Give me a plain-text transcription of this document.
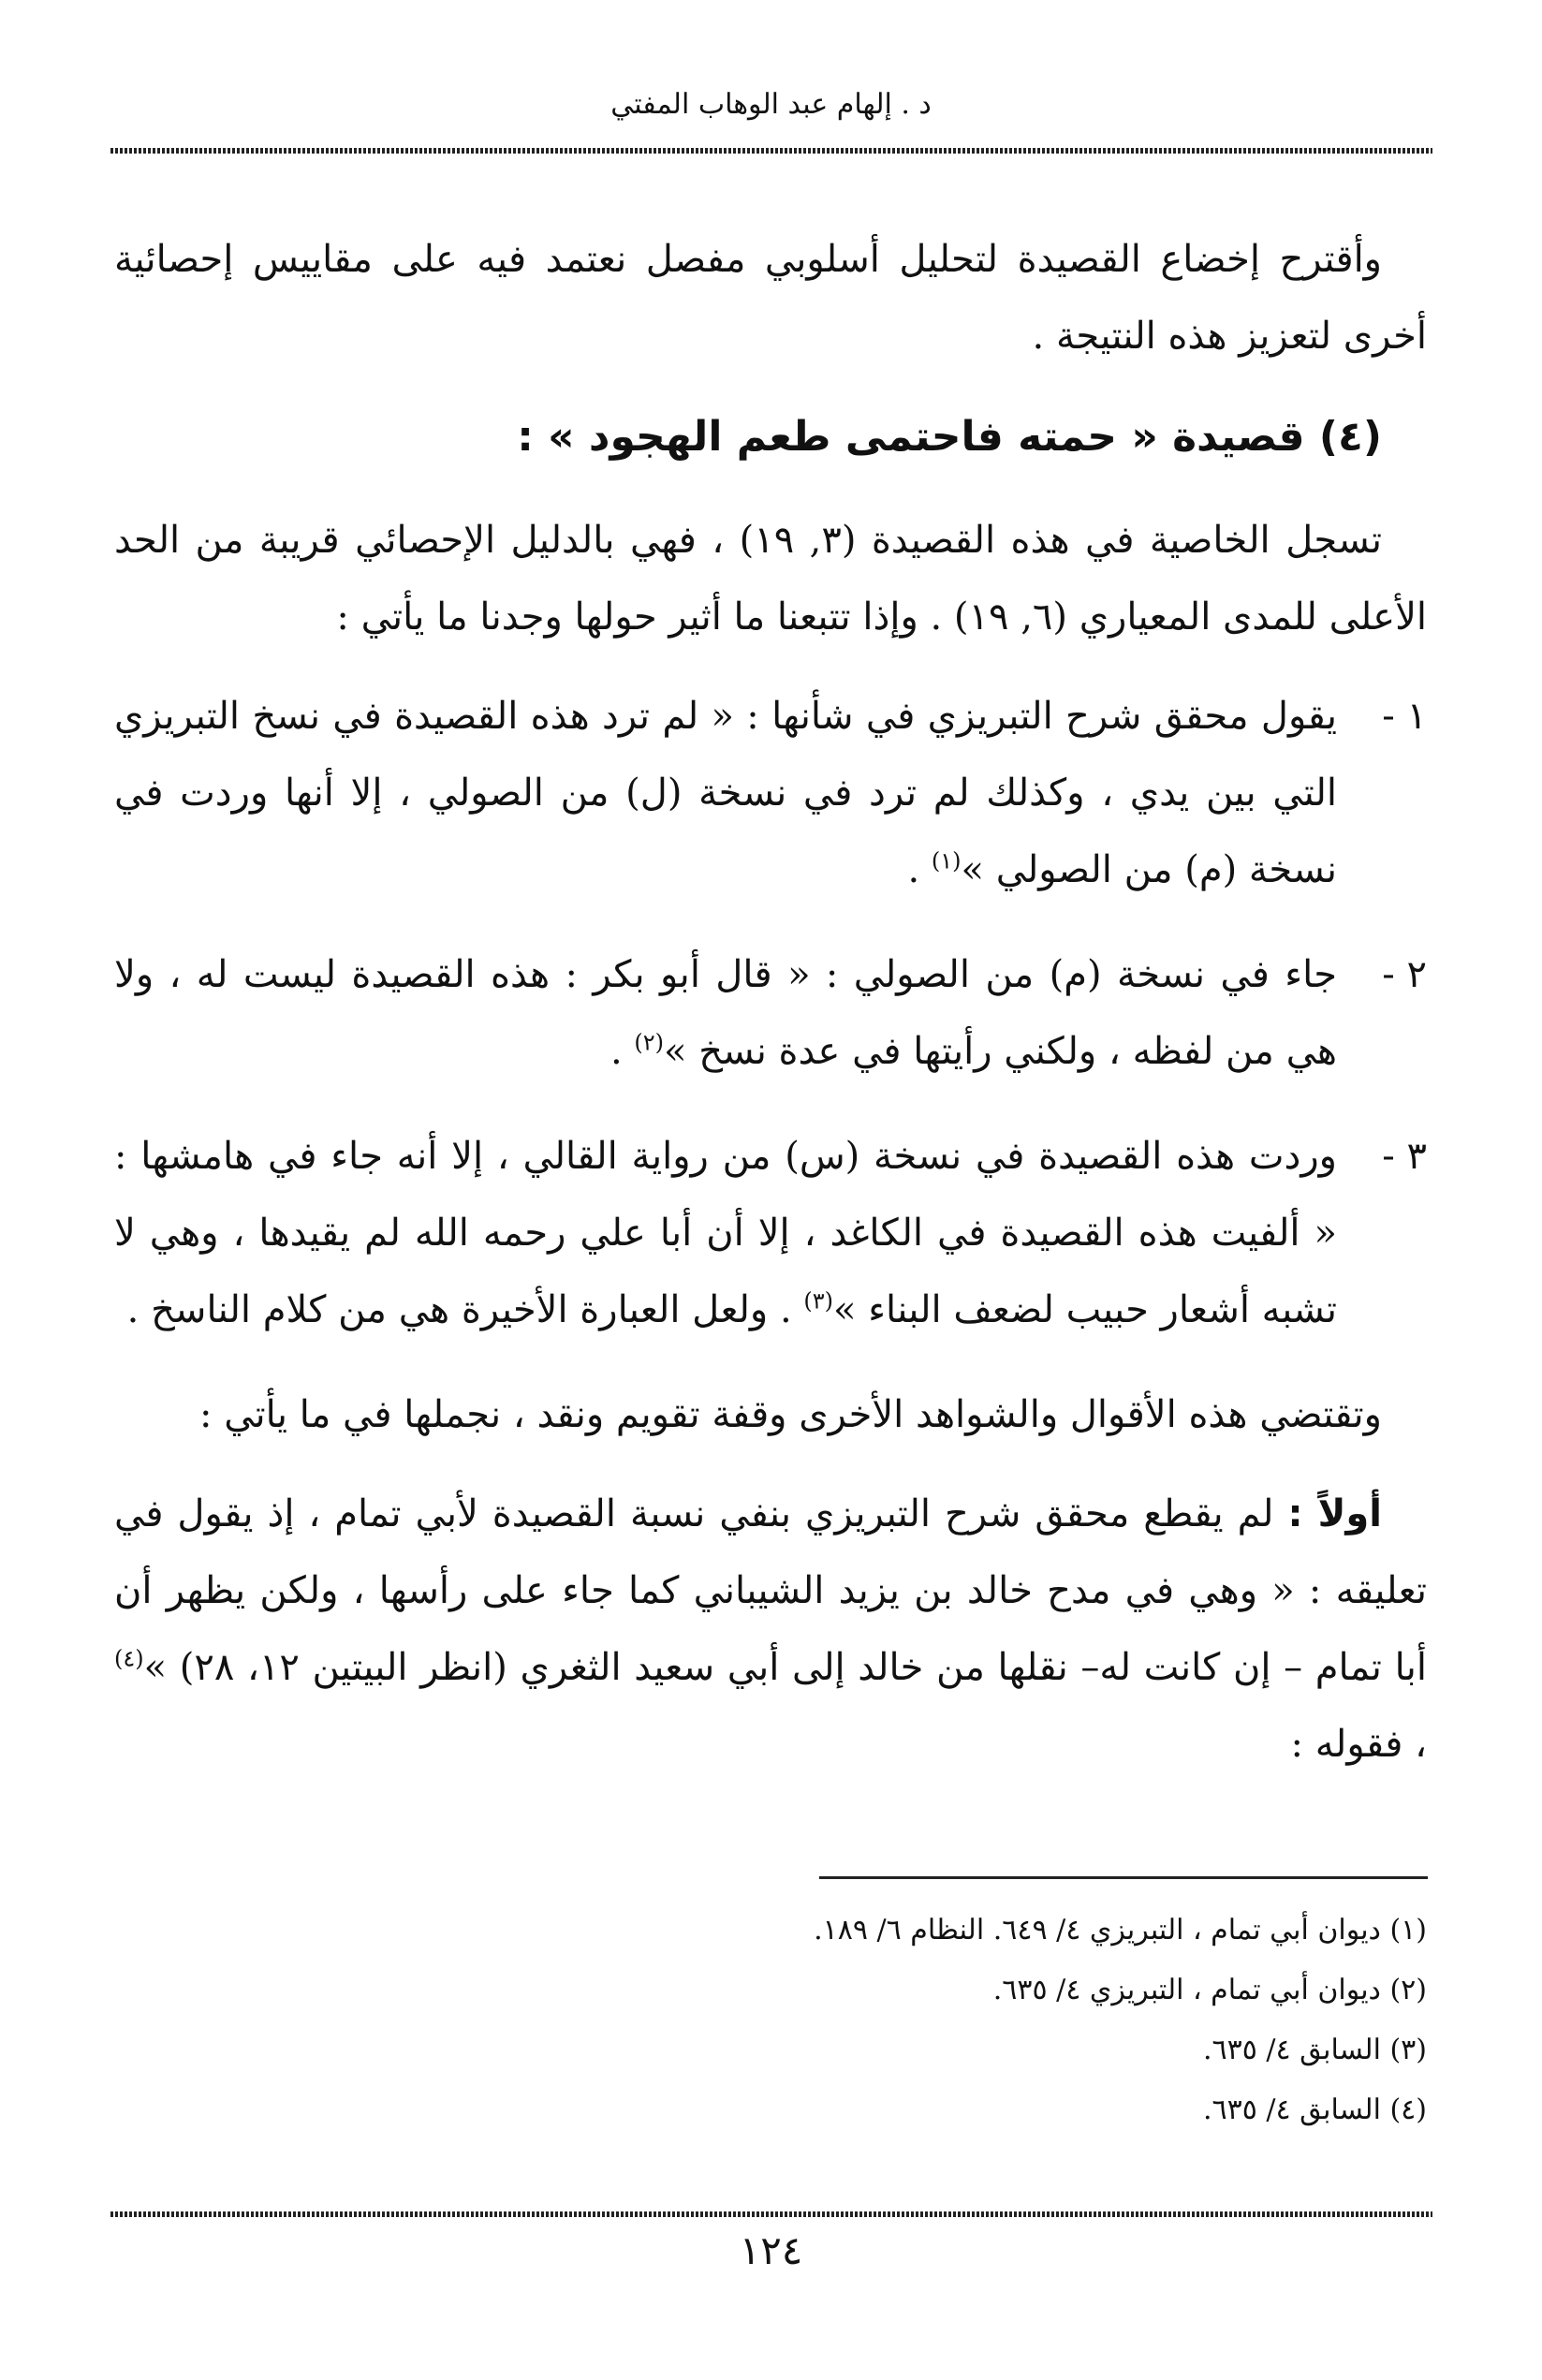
د . إلهام عبد الوهاب المفتي

وأقترح إخضاع القصيدة لتحليل أسلوبي مفصل نعتمد فيه على مقاييس إحصائية أخرى لتعزيز هذه النتيجة .

(٤) قصيدة « حمته فاحتمى طعم الهجود » :

تسجل الخاصية في هذه القصيدة (٣, ١٩) ، فهي بالدليل الإحصائي قريبة من الحد الأعلى للمدى المعياري (٦, ١٩) . وإذا تتبعنا ما أثير حولها وجدنا ما يأتي :

١ -
يقول محقق شرح التبريزي في شأنها : « لم ترد هذه القصيدة في نسخ التبريزي التي بين يدي ، وكذلك لم ترد في نسخة (ل) من الصولي ، إلا أنها وردت في نسخة (م) من الصولي »$^{(١)}$ .

٢ -
جاء في نسخة (م) من الصولي : « قال أبو بكر : هذه القصيدة ليست له ، ولا هي من لفظه ، ولكني رأيتها في عدة نسخ »$^{(٢)}$ .

٣ -
وردت هذه القصيدة في نسخة (س) من رواية القالي ، إلا أنه جاء في هامشها : « ألفيت هذه القصيدة في الكاغد ، إلا أن أبا علي رحمه الله لم يقيدها ، وهي لا تشبه أشعار حبيب لضعف البناء »$^{(٣)}$ . ولعل العبارة الأخيرة هي من كلام الناسخ .

وتقتضي هذه الأقوال والشواهد الأخرى وقفة تقويم ونقد ، نجملها في ما يأتي :

أولاً : لم يقطع محقق شرح التبريزي بنفي نسبة القصيدة لأبي تمام ، إذ يقول في تعليقه : « وهي في مدح خالد بن يزيد الشيباني كما جاء على رأسها ، ولكن يظهر أن أبا تمام – إن كانت له– نقلها من خالد إلى أبي سعيد الثغري (انظر البيتين ١٢، ٢٨) »$^{(٤)}$ ، فقوله :

(١) ديوان أبي تمام ، التبريزي ٤/ ٦٤٩. النظام ٦/ ١٨٩.

(٢) ديوان أبي تمام ، التبريزي ٤/ ٦٣٥.

(٣) السابق ٤/ ٦٣٥.

(٤) السابق ٤/ ٦٣٥.

١٢٤
